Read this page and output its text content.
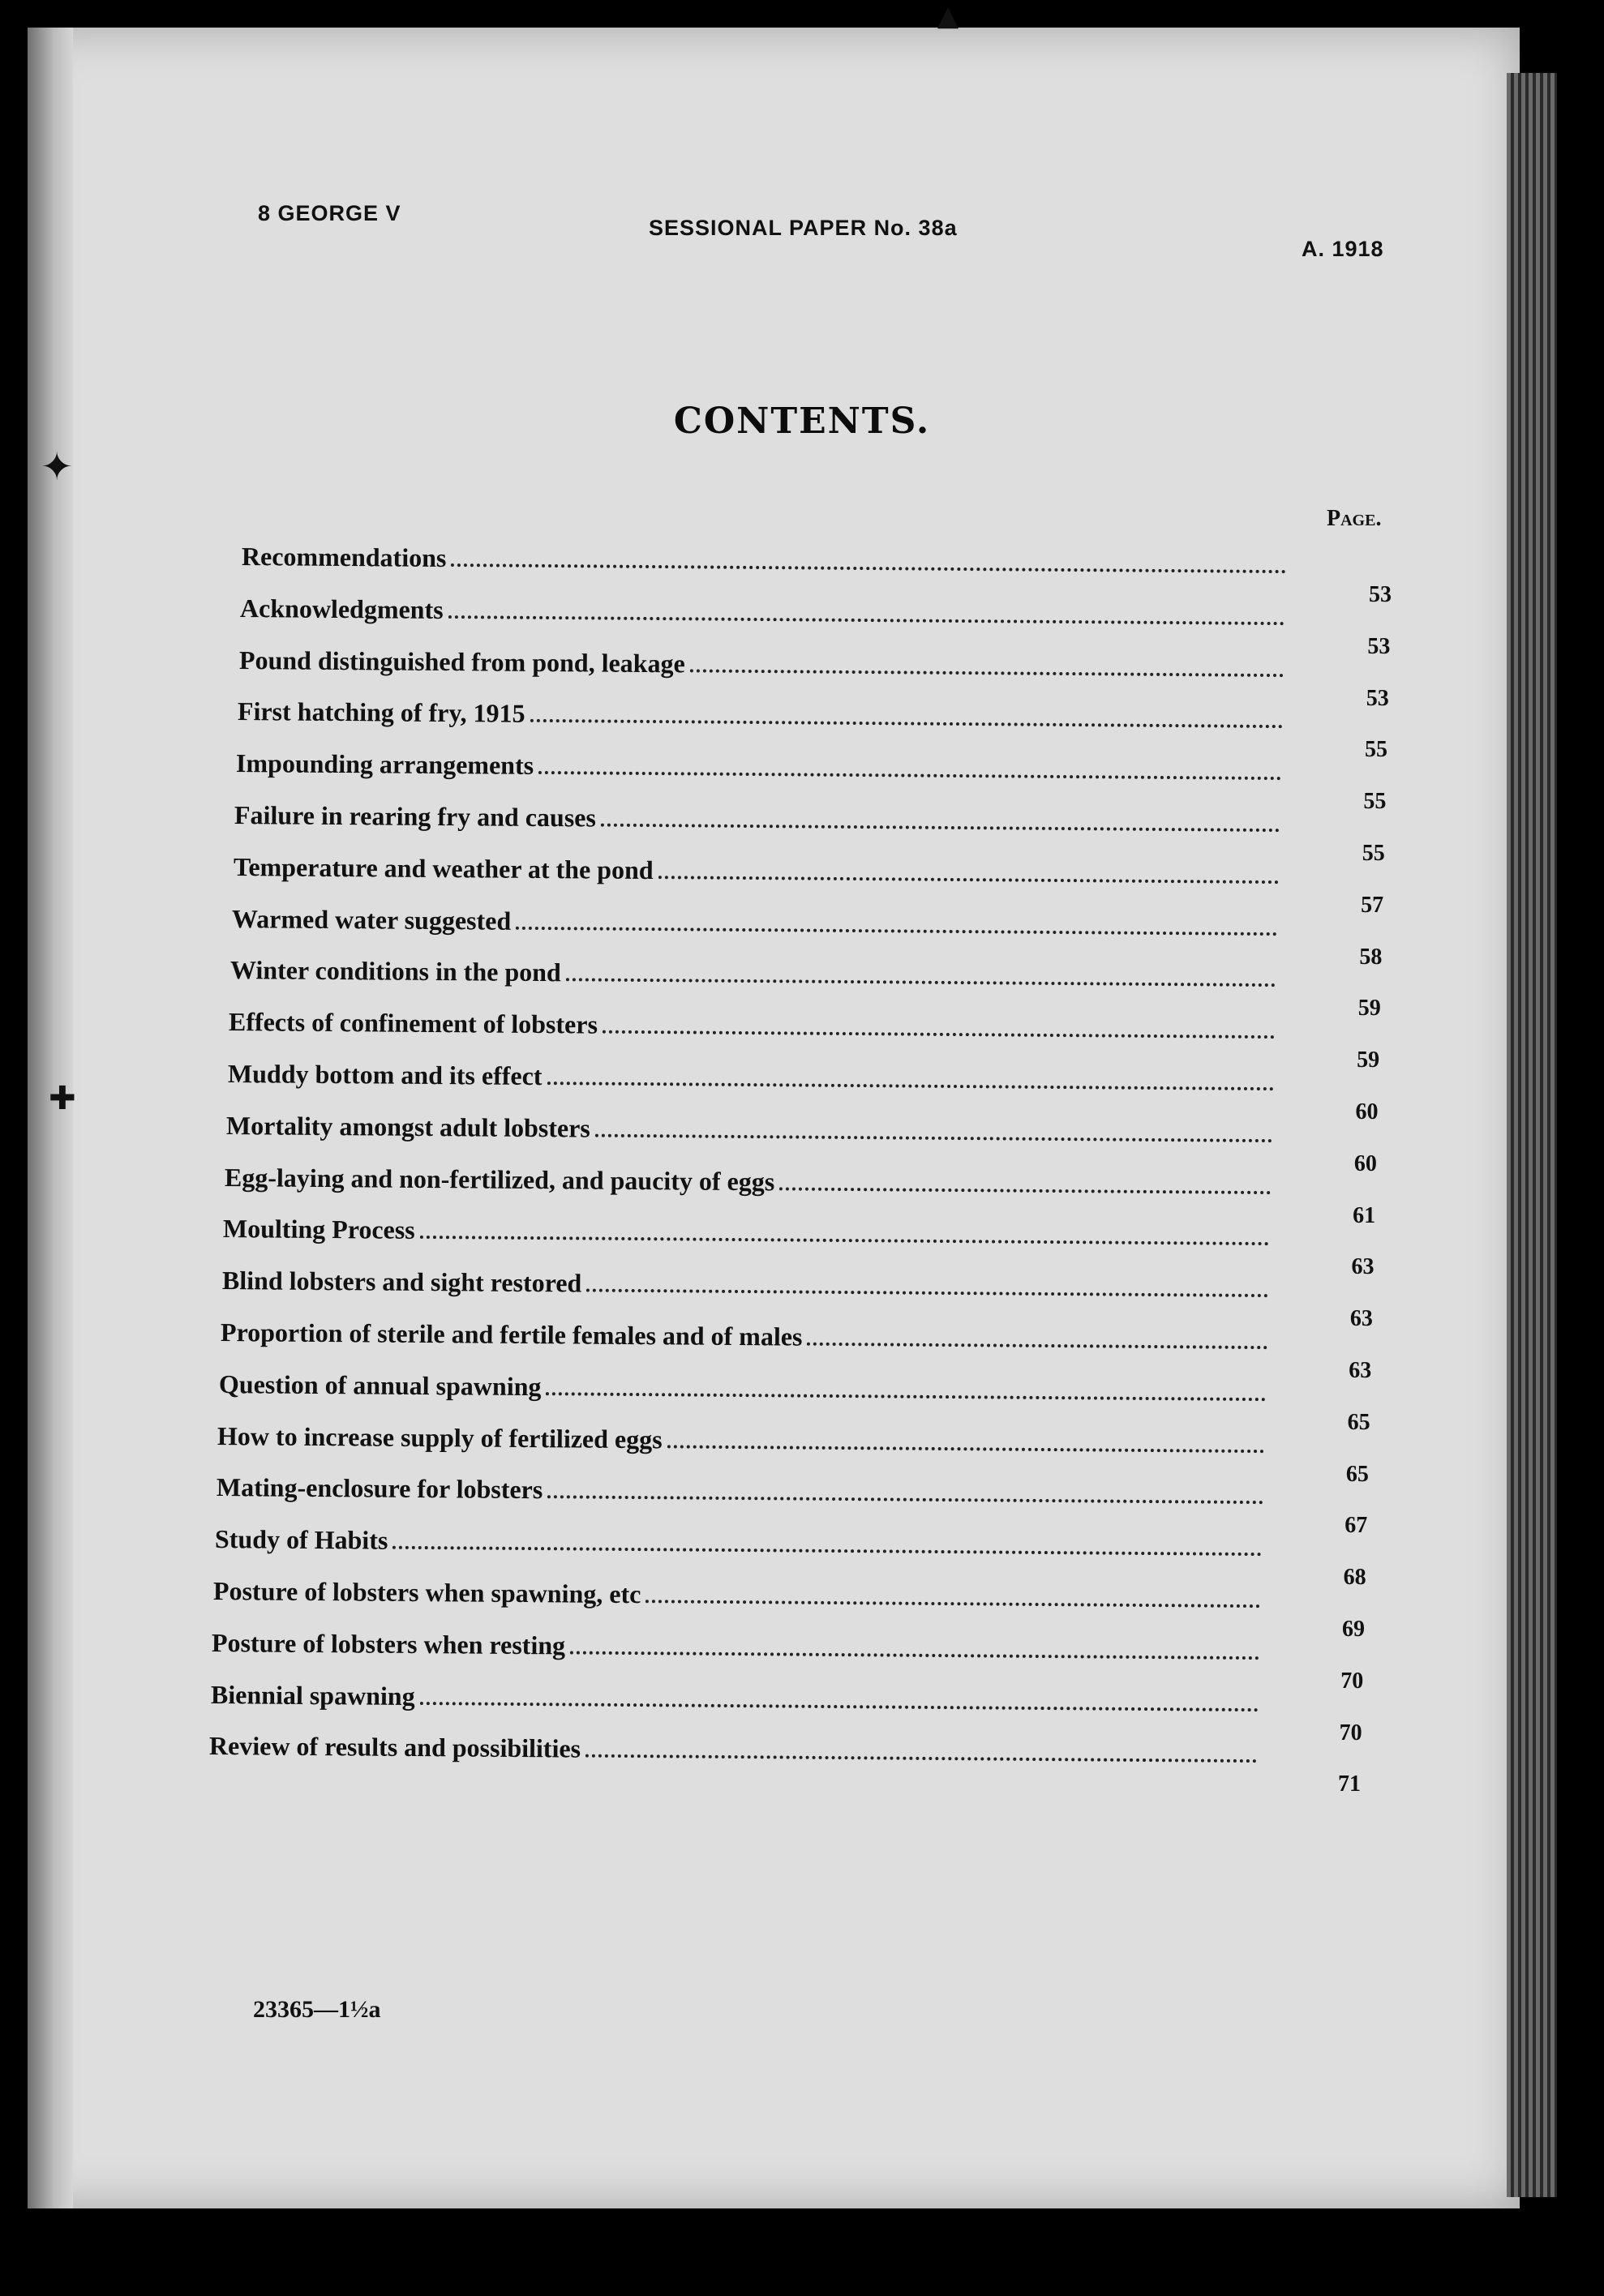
✦
✚
▲
8 GEORGE V
SESSIONAL PAPER No. 38a
A. 1918
CONTENTS.
Page.
Recommendations
53
Acknowledgments
53
Pound distinguished from pond, leakage
53
First hatching of fry, 1915
55
Impounding arrangements
55
Failure in rearing fry and causes
55
Temperature and weather at the pond
57
Warmed water suggested
58
Winter conditions in the pond
59
Effects of confinement of lobsters
59
Muddy bottom and its effect
60
Mortality amongst adult lobsters
60
Egg-laying and non-fertilized, and paucity of eggs
61
Moulting Process
63
Blind lobsters and sight restored
63
Proportion of sterile and fertile females and of males
63
Question of annual spawning
65
How to increase supply of fertilized eggs
65
Mating-enclosure for lobsters
67
Study of Habits
68
Posture of lobsters when spawning, etc
69
Posture of lobsters when resting
70
Biennial spawning
70
Review of results and possibilities
71
23365—1½a
